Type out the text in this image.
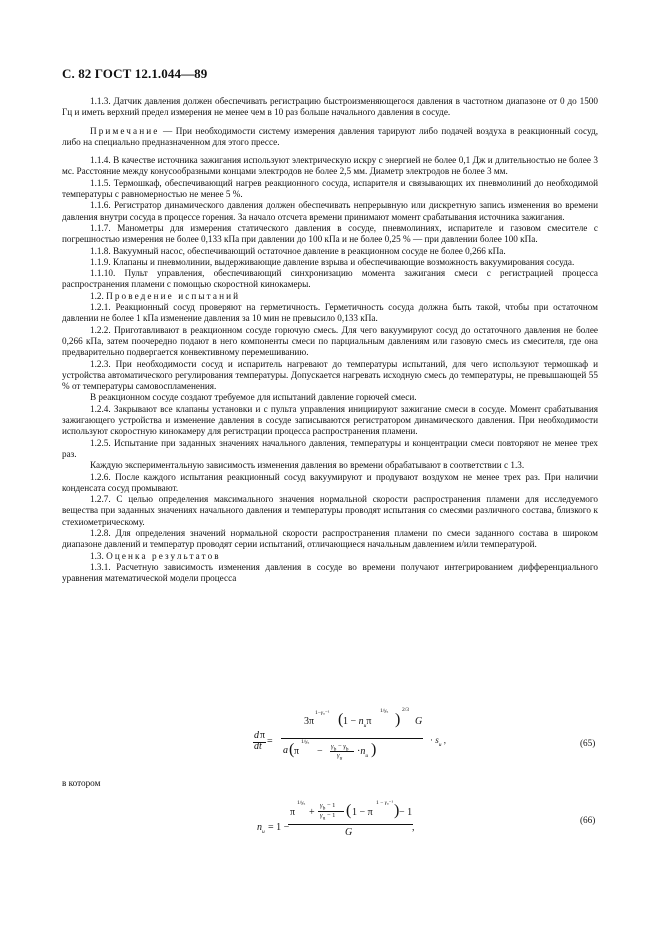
С. 82 ГОСТ 12.1.044—89

1.1.3. Датчик давления должен обеспечивать регистрацию быстроизменяющегося давления в частотном диапазоне от 0 до 1500 Гц и иметь верхний предел измерения не менее чем в 10 раз больше начального давления в сосуде.

Примечание — При необходимости систему измерения давления тарируют либо подачей воздуха в реакционный сосуд, либо на специально предназначенном для этого прессе.

1.1.4. В качестве источника зажигания используют электрическую искру с энергией не более 0,1 Дж и длительностью не более 3 мс. Расстояние между конусообразными концами электродов не более 2,5 мм. Диаметр электродов не более 3 мм.

1.1.5. Термошкаф, обеспечивающий нагрев реакционного сосуда, испарителя и связывающих их пневмолиний до необходимой температуры с равномерностью не менее 5 %.

1.1.6. Регистратор динамического давления должен обеспечивать непрерывную или дискретную запись изменения во времени давления внутри сосуда в процессе горения. За начало отсчета времени принимают момент срабатывания источника зажигания.

1.1.7. Манометры для измерения статического давления в сосуде, пневмолиниях, испарителе и газовом смесителе с погрешностью измерения не более 0,133 кПа при давлении до 100 кПа и не более 0,25 % — при давлении более 100 кПа.

1.1.8. Вакуумный насос, обеспечивающий остаточное давление в реакционном сосуде не более 0,266 кПа.

1.1.9. Клапаны и пневмолинии, выдерживающие давление взрыва и обеспечивающие возможность вакуумирования сосуда.

1.1.10. Пульт управления, обеспечивающий синхронизацию момента зажигания смеси с регистрацией процесса распространения пламени с помощью скоростной кинокамеры.

1.2. Проведение испытаний

1.2.1. Реакционный сосуд проверяют на герметичность. Герметичность сосуда должна быть такой, чтобы при остаточном давлении не более 1 кПа изменение давления за 10 мин не превысило 0,133 кПа.

1.2.2. Приготавливают в реакционном сосуде горючую смесь. Для чего вакуумируют сосуд до остаточного давления не более 0,266 кПа, затем поочередно подают в него компоненты смеси по парциальным давлениям или газовую смесь из смесителя, где она предварительно подвергается конвективному перемешиванию.

1.2.3. При необходимости сосуд и испаритель нагревают до температуры испытаний, для чего используют термошкаф и устройства автоматического регулирования температуры. Допускается нагревать исходную смесь до температуры, не превышающей 55 % от температуры самовоспламенения.

В реакционном сосуде создают требуемое для испытаний давление горючей смеси.

1.2.4. Закрывают все клапаны установки и с пульта управления инициируют зажигание смеси в сосуде. Момент срабатывания зажигающего устройства и изменение давления в сосуде записываются регистратором динамического давления. При необходимости используют скоростную кинокамеру для регистрации процесса распространения пламени.

1.2.5. Испытание при заданных значениях начального давления, температуры и концентрации смеси повторяют не менее трех раз.

Каждую экспериментальную зависимость изменения давления во времени обрабатывают в соответствии с 1.3.

1.2.6. После каждого испытания реакционный сосуд вакуумируют и продувают воздухом не менее трех раз. При наличии конденсата сосуд промывают.

1.2.7. С целью определения максимального значения нормальной скорости распространения пламени для исследуемого вещества при заданных значениях начального давления и температуры проводят испытания со смесями различного состава, близкого к стехиометрическому.

1.2.8. Для определения значений нормальной скорости распространения пламени по смеси заданного состава в широком диапазоне давлений и температур проводят серии испытаний, отличающиеся начальным давлением и/или температурой.

1.3. Оценка результатов

1.3.1. Расчетную зависимость изменения давления в сосуде во времени получают интегрированием дифференциального уравнения математической модели процесса

d π
dt =
3π
1−γᵤ⁻¹ ( $1 - n_u\pi$
1/γᵤ )
2/3
G
a ( π
1/γᵤ
− $\gamma_b - \gamma_b$
$\gamma_u$
$\cdot n_u$ )
· $s_u$ ,	(65)
в котором
$n_u = 1$ −
π
1/γᵤ
+
$\gamma_b - 1$
$\gamma_u - 1$ ( 1 − π
1 − γᵤ⁻¹ ) − 1
G	,
(66)
